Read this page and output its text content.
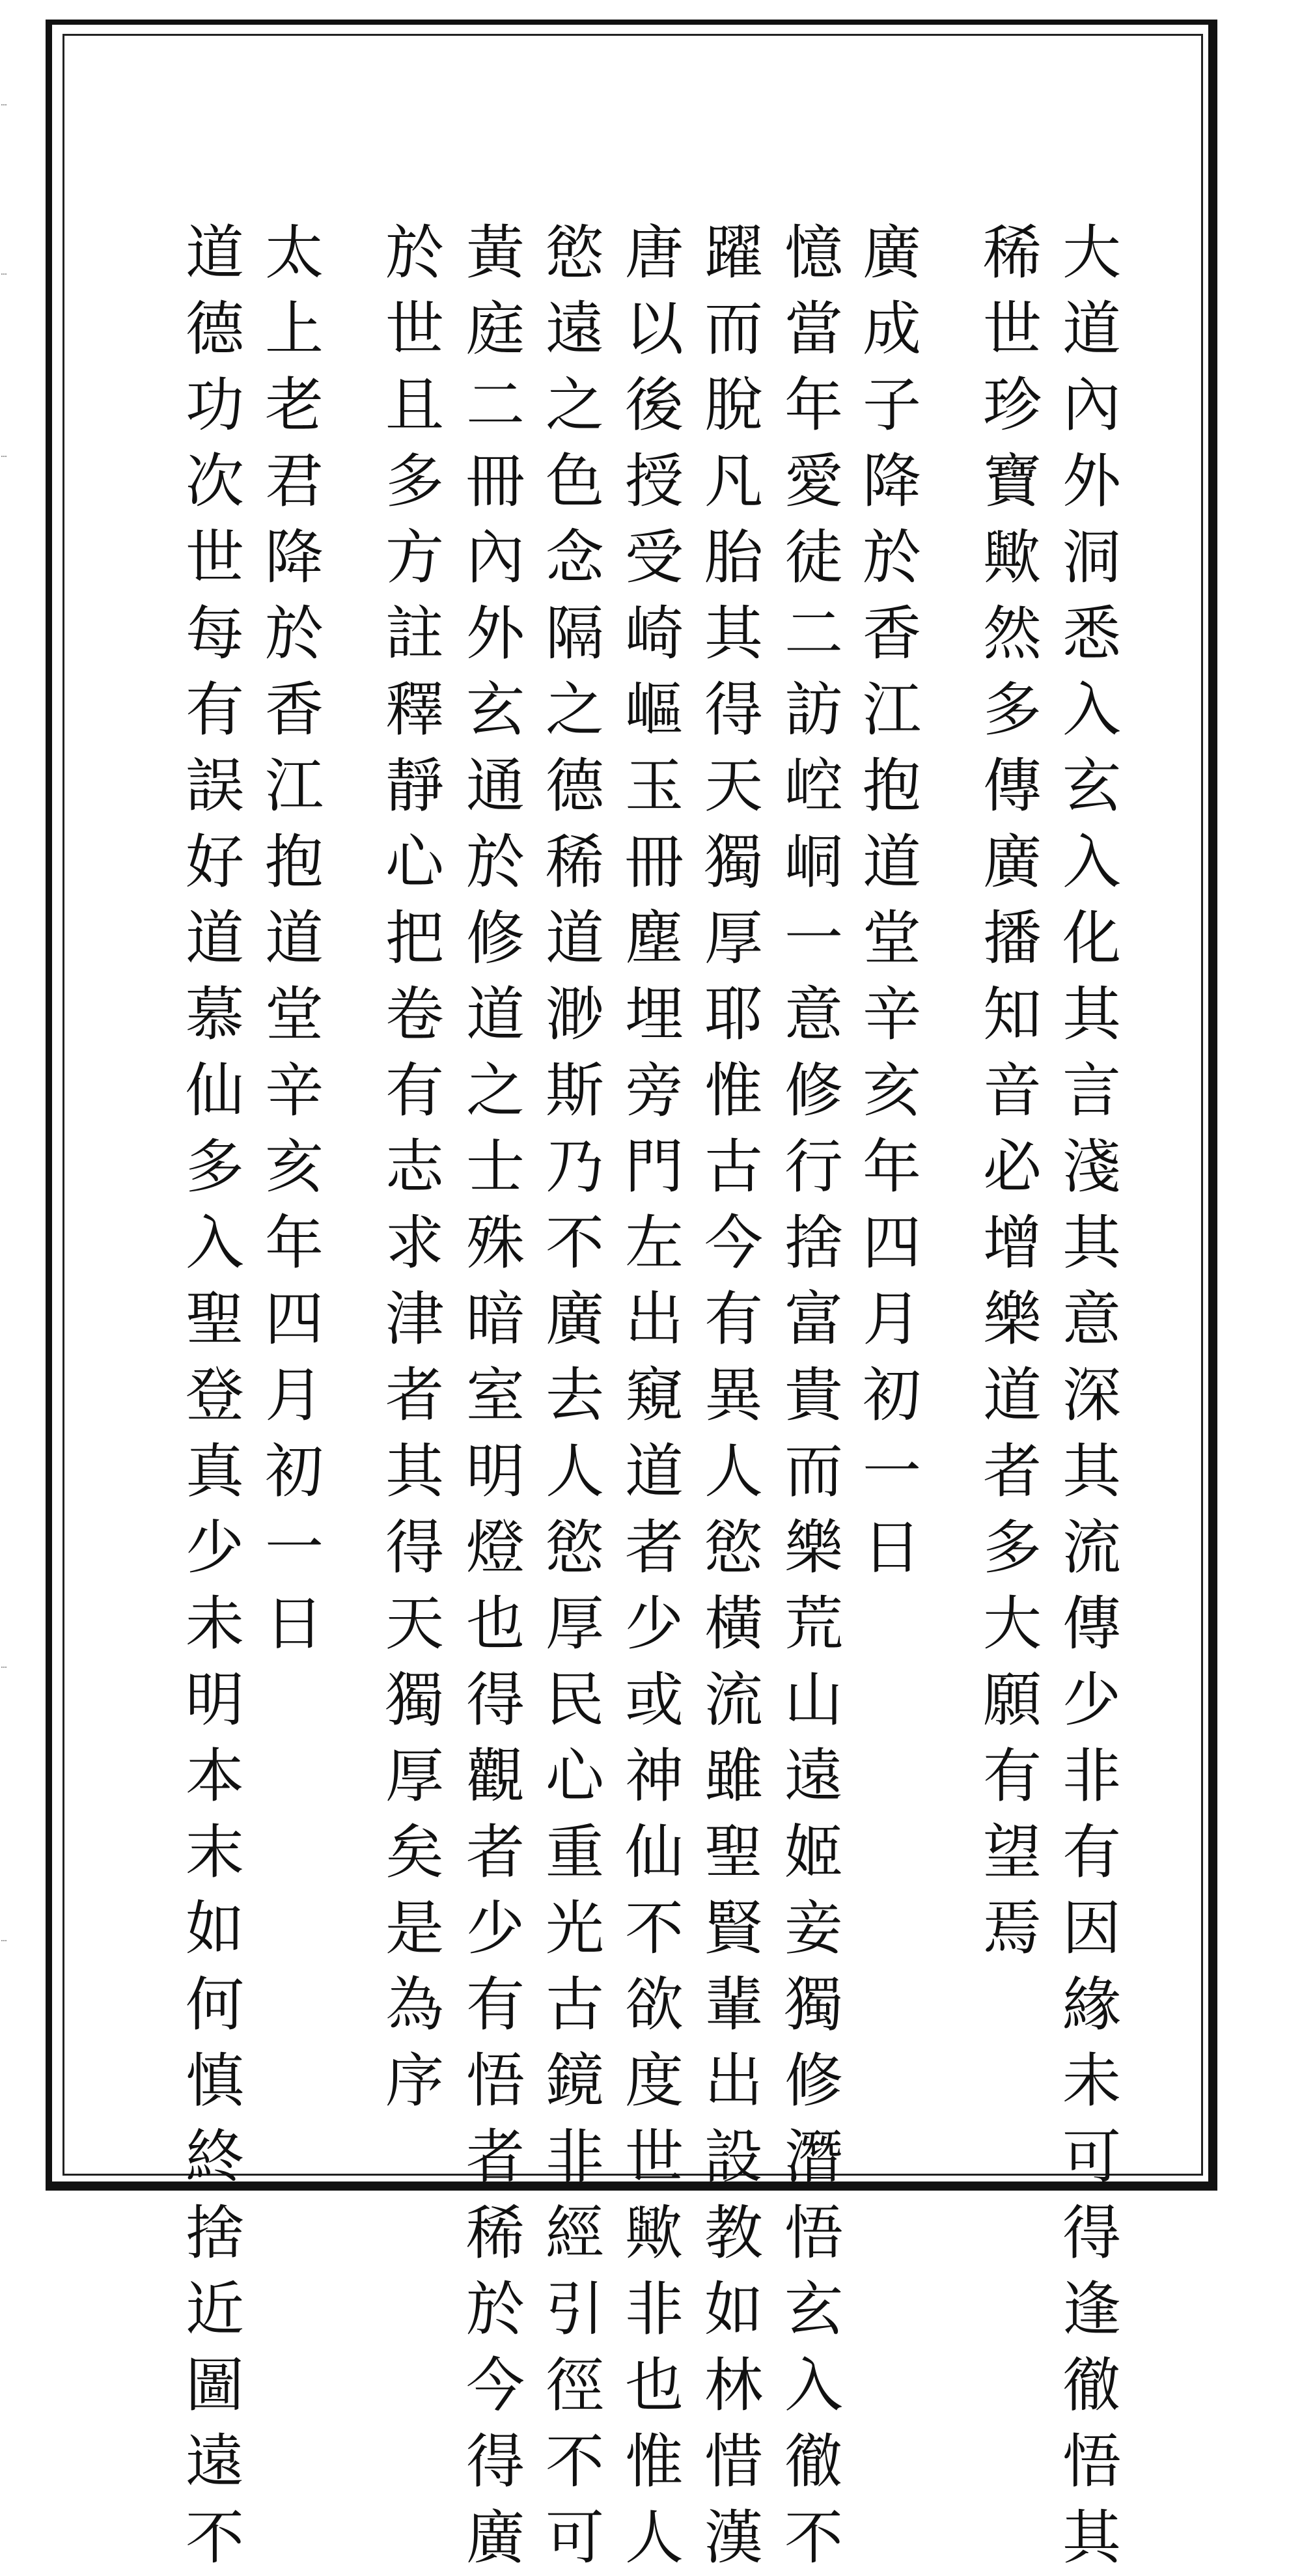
大
道
內
外
洞
悉
入
玄
入
化
其
言
淺
其
意
深
其
流
傳
少
非
有
因
緣
未
可
得
逢
徹
悟
其
稀
世
珍
寶
歟
然
多
傳
廣
播
知
音
必
增
樂
道
者
多
大
願
有
望
焉
廣
成
子
降
於
香
江
抱
道
堂
辛
亥
年
四
月
初
一
日
憶
當
年
愛
徒
二
訪
崆
峒
一
意
修
行
捨
富
貴
而
樂
荒
山
遠
姬
妾
獨
修
潛
悟
玄
入
徹
不
躍
而
脫
凡
胎
其
得
天
獨
厚
耶
惟
古
今
有
異
人
慾
橫
流
雖
聖
賢
輩
出
設
教
如
林
惜
漢
唐
以
後
授
受
崎
嶇
玉
冊
塵
埋
旁
門
左
出
窺
道
者
少
或
神
仙
不
欲
度
世
歟
非
也
惟
人
慾
遠
之
色
念
隔
之
德
稀
道
渺
斯
乃
不
廣
去
人
慾
厚
民
心
重
光
古
鏡
非
經
引
徑
不
可
黃
庭
二
冊
內
外
玄
通
於
修
道
之
士
殊
暗
室
明
燈
也
得
觀
者
少
有
悟
者
稀
於
今
得
廣
於
世
且
多
方
註
釋
靜
心
把
卷
有
志
求
津
者
其
得
天
獨
厚
矣
是
為
序
太
上
老
君
降
於
香
江
抱
道
堂
辛
亥
年
四
月
初
一
日
道
德
功
次
世
每
有
誤
好
道
慕
仙
多
入
聖
登
真
少
未
明
本
末
如
何
慎
終
捨
近
圖
遠
不
